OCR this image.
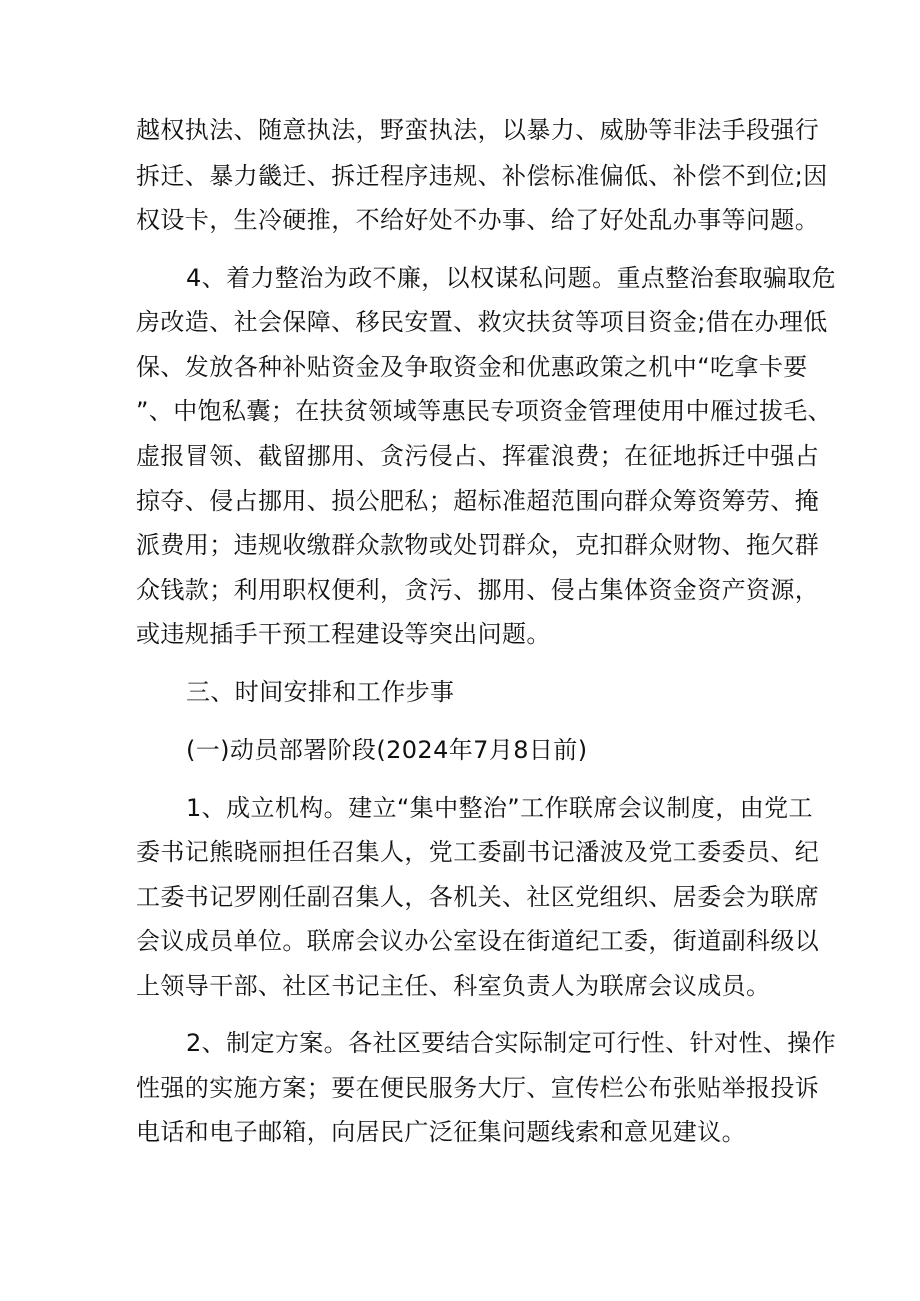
越权执法、随意执法，野蛮执法，以暴力、威胁等非法手段强行
拆迁、暴力畿迁、拆迁程序违规、补偿标准偏低、补偿不到位;因
权设卡，生冷硬推，不给好处不办事、给了好处乱办事等问题。
4、着力整治为政不廉，以权谋私问题。重点整治套取骗取危
房改造、社会保障、移民安置、救灾扶贫等项目资金;借在办理低
保、发放各种补贴资金及争取资金和优惠政策之机中“吃拿卡要
”、中饱私囊；在扶贫领域等惠民专项资金管理使用中雁过拔毛、
虚报冒领、截留挪用、贪污侵占、挥霍浪费；在征地拆迁中强占
掠夺、侵占挪用、损公肥私；超标准超范围向群众筹资筹劳、掩
派费用；违规收缴群众款物或处罚群众，克扣群众财物、拖欠群
众钱款；利用职权便利，贪污、挪用、侵占集体资金资产资源，
或违规插手干预工程建设等突出问题。
三、时间安排和工作步事
(一)动员部署阶段(2024年7月8日前)
1、成立机构。建立“集中整治”工作联席会议制度，由党工
委书记熊晓丽担任召集人，党工委副书记潘波及党工委委员、纪
工委书记罗刚任副召集人，各机关、社区党组织、居委会为联席
会议成员单位。联席会议办公室设在街道纪工委，街道副科级以
上领导干部、社区书记主任、科室负责人为联席会议成员。
2、制定方案。各社区要结合实际制定可行性、针对性、操作
性强的实施方案；要在便民服务大厅、宣传栏公布张贴举报投诉
电话和电子邮箱，向居民广泛征集问题线索和意见建议。
